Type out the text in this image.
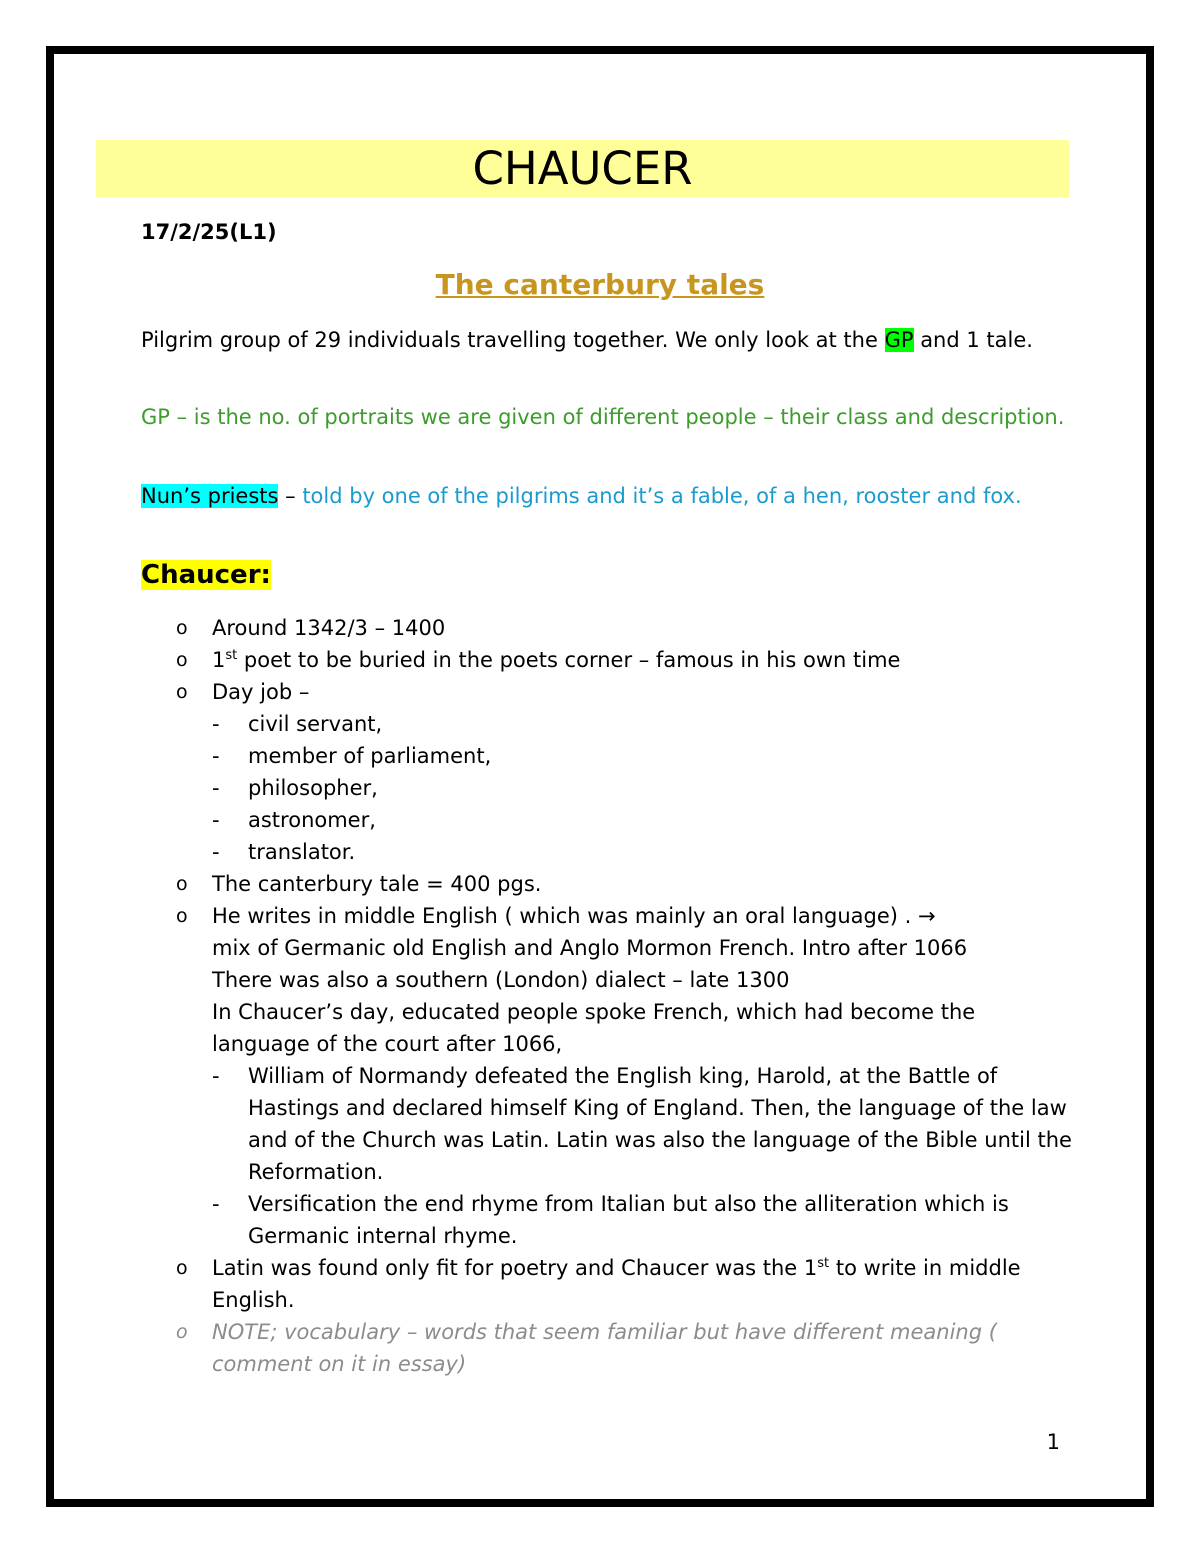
CHAUCER
17/2/25(L1)
The canterbury tales
Pilgrim group of 29 individuals travelling together. We only look at the GP and 1 tale.
GP – is the no. of portraits we are given of different people – their class and description.
Nun’s priests – told by one of the pilgrims and it’s a fable, of a hen, rooster and fox.
Chaucer:
o Around 1342/3 – 1400
o 1st poet to be buried in the poets corner – famous in his own time
o Day job –
- civil servant,
- member of parliament,
- philosopher,
- astronomer,
- translator.
o The canterbury tale = 400 pgs.
o He writes in middle English ( which was mainly an oral language) . →
mix of Germanic old English and Anglo Mormon French. Intro after 1066
There was also a southern (London) dialect – late 1300
In Chaucer’s day, educated people spoke French, which had become the language of the court after 1066,
- William of Normandy defeated the English king, Harold, at the Battle of Hastings and declared himself King of England. Then, the language of the law and of the Church was Latin. Latin was also the language of the Bible until the Reformation.
- Versification the end rhyme from Italian but also the alliteration which is Germanic internal rhyme.
o Latin was found only fit for poetry and Chaucer was the 1st to write in middle English.
o NOTE; vocabulary – words that seem familiar but have different meaning ( comment on it in essay)
1
